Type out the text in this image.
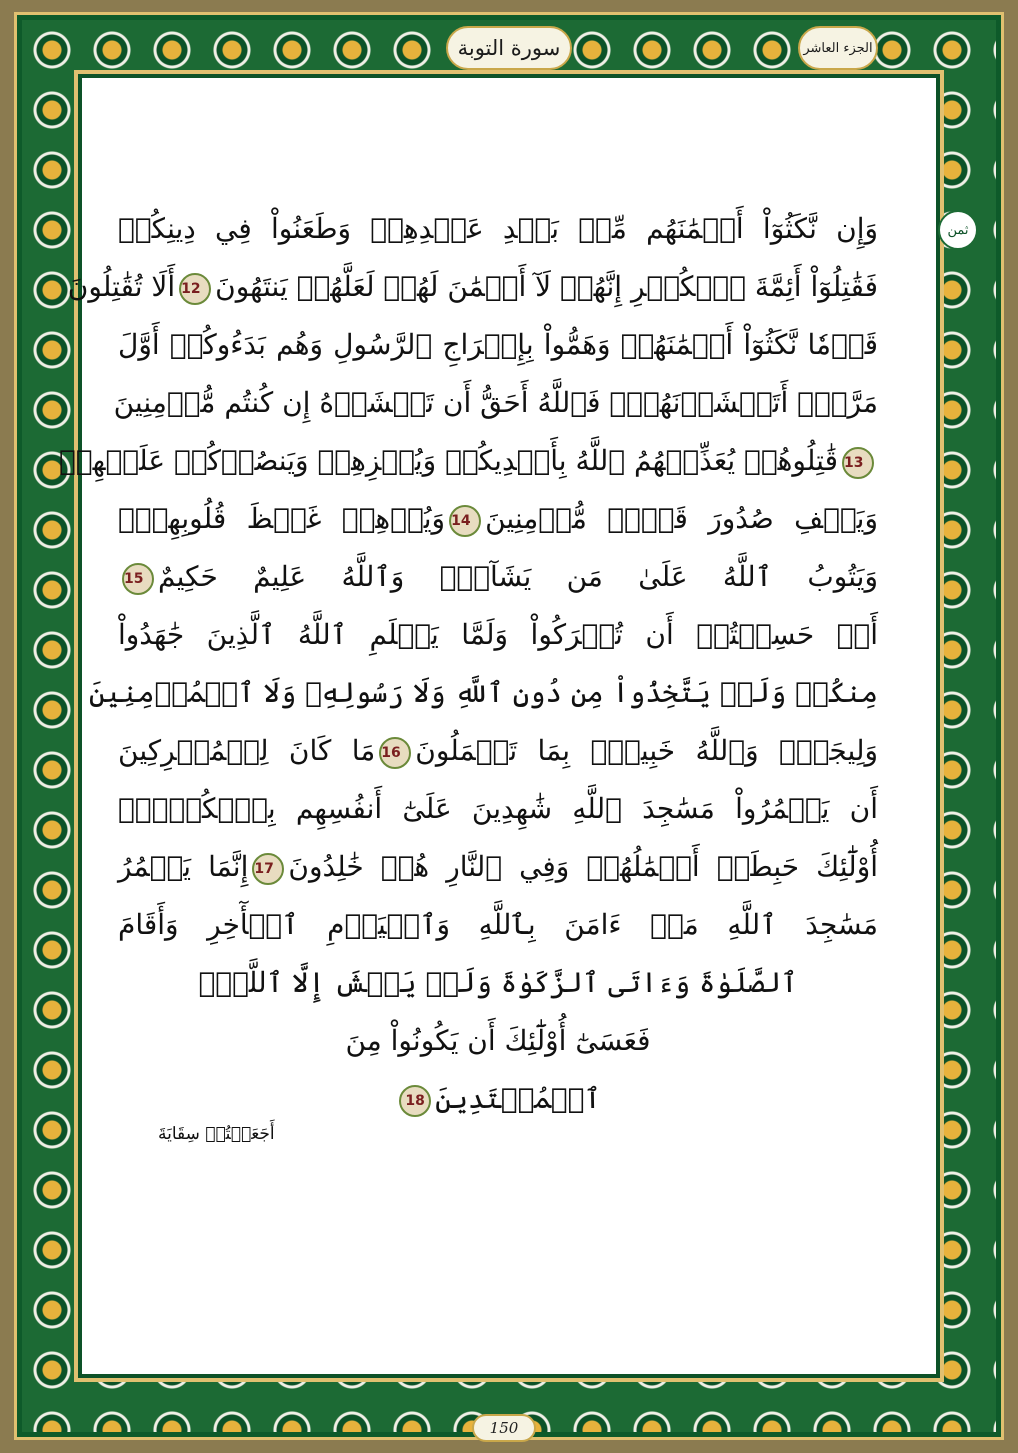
سورة التوبة	الجزء العاشر
ثمن
وَإِن نَّكَثُوٓاْ أَيۡمَٰنَهُم مِّنۢ بَعۡدِ عَهۡدِهِمۡ وَطَعَنُواْ فِي دِينِكُمۡ
فَقَٰتِلُوٓاْ أَئِمَّةَ ٱلۡكُفۡرِ إِنَّهُمۡ لَآ أَيۡمَٰنَ لَهُمۡ لَعَلَّهُمۡ يَنتَهُونَ12أَلَا تُقَٰتِلُونَ
قَوۡمٗا نَّكَثُوٓاْ أَيۡمَٰنَهُمۡ وَهَمُّواْ بِإِخۡرَاجِ ٱلرَّسُولِ وَهُم بَدَءُوكُمۡ أَوَّلَ
مَرَّةٍۚ أَتَخۡشَوۡنَهُمۡۚ فَٱللَّهُ أَحَقُّ أَن تَخۡشَوۡهُ إِن كُنتُم مُّؤۡمِنِينَ
13قَٰتِلُوهُمۡ يُعَذِّبۡهُمُ ٱللَّهُ بِأَيۡدِيكُمۡ وَيُخۡزِهِمۡ وَيَنصُرۡكُمۡ عَلَيۡهِمۡ
وَيَشۡفِ صُدُورَ قَوۡمٖ مُّؤۡمِنِينَ14وَيُذۡهِبۡ غَيۡظَ قُلُوبِهِمۡۗ
وَيَتُوبُ ٱللَّهُ عَلَىٰ مَن يَشَآءُۗ وَٱللَّهُ عَلِيمٌ حَكِيمٌ15
أَمۡ حَسِبۡتُمۡ أَن تُتۡرَكُواْ وَلَمَّا يَعۡلَمِ ٱللَّهُ ٱلَّذِينَ جَٰهَدُواْ
مِنكُمۡ وَلَمۡ يَتَّخِذُواْ مِن دُونِ ٱللَّهِ وَلَا رَسُولِهِۦ وَلَا ٱلۡمُؤۡمِنِينَ
وَلِيجَةٗۚ وَٱللَّهُ خَبِيرُۢ بِمَا تَعۡمَلُونَ16مَا كَانَ لِلۡمُشۡرِكِينَ
أَن يَعۡمُرُواْ مَسَٰجِدَ ٱللَّهِ شَٰهِدِينَ عَلَىٰٓ أَنفُسِهِم بِٱلۡكُفۡرِۚ
أُوْلَٰٓئِكَ حَبِطَتۡ أَعۡمَٰلُهُمۡ وَفِي ٱلنَّارِ هُمۡ خَٰلِدُونَ17إِنَّمَا يَعۡمُرُ
مَسَٰجِدَ ٱللَّهِ مَنۡ ءَامَنَ بِٱللَّهِ وَٱلۡيَوۡمِ ٱلۡأٓخِرِ وَأَقَامَ
ٱلصَّلَوٰةَ وَءَاتَى ٱلزَّكَوٰةَ وَلَمۡ يَخۡشَ إِلَّا ٱللَّهَۖ
فَعَسَىٰٓ أُوْلَٰٓئِكَ أَن يَكُونُواْ مِنَ
ٱلۡمُهۡتَدِينَ18
أَجَعَلۡتُمۡ سِقَايَةَ
150
